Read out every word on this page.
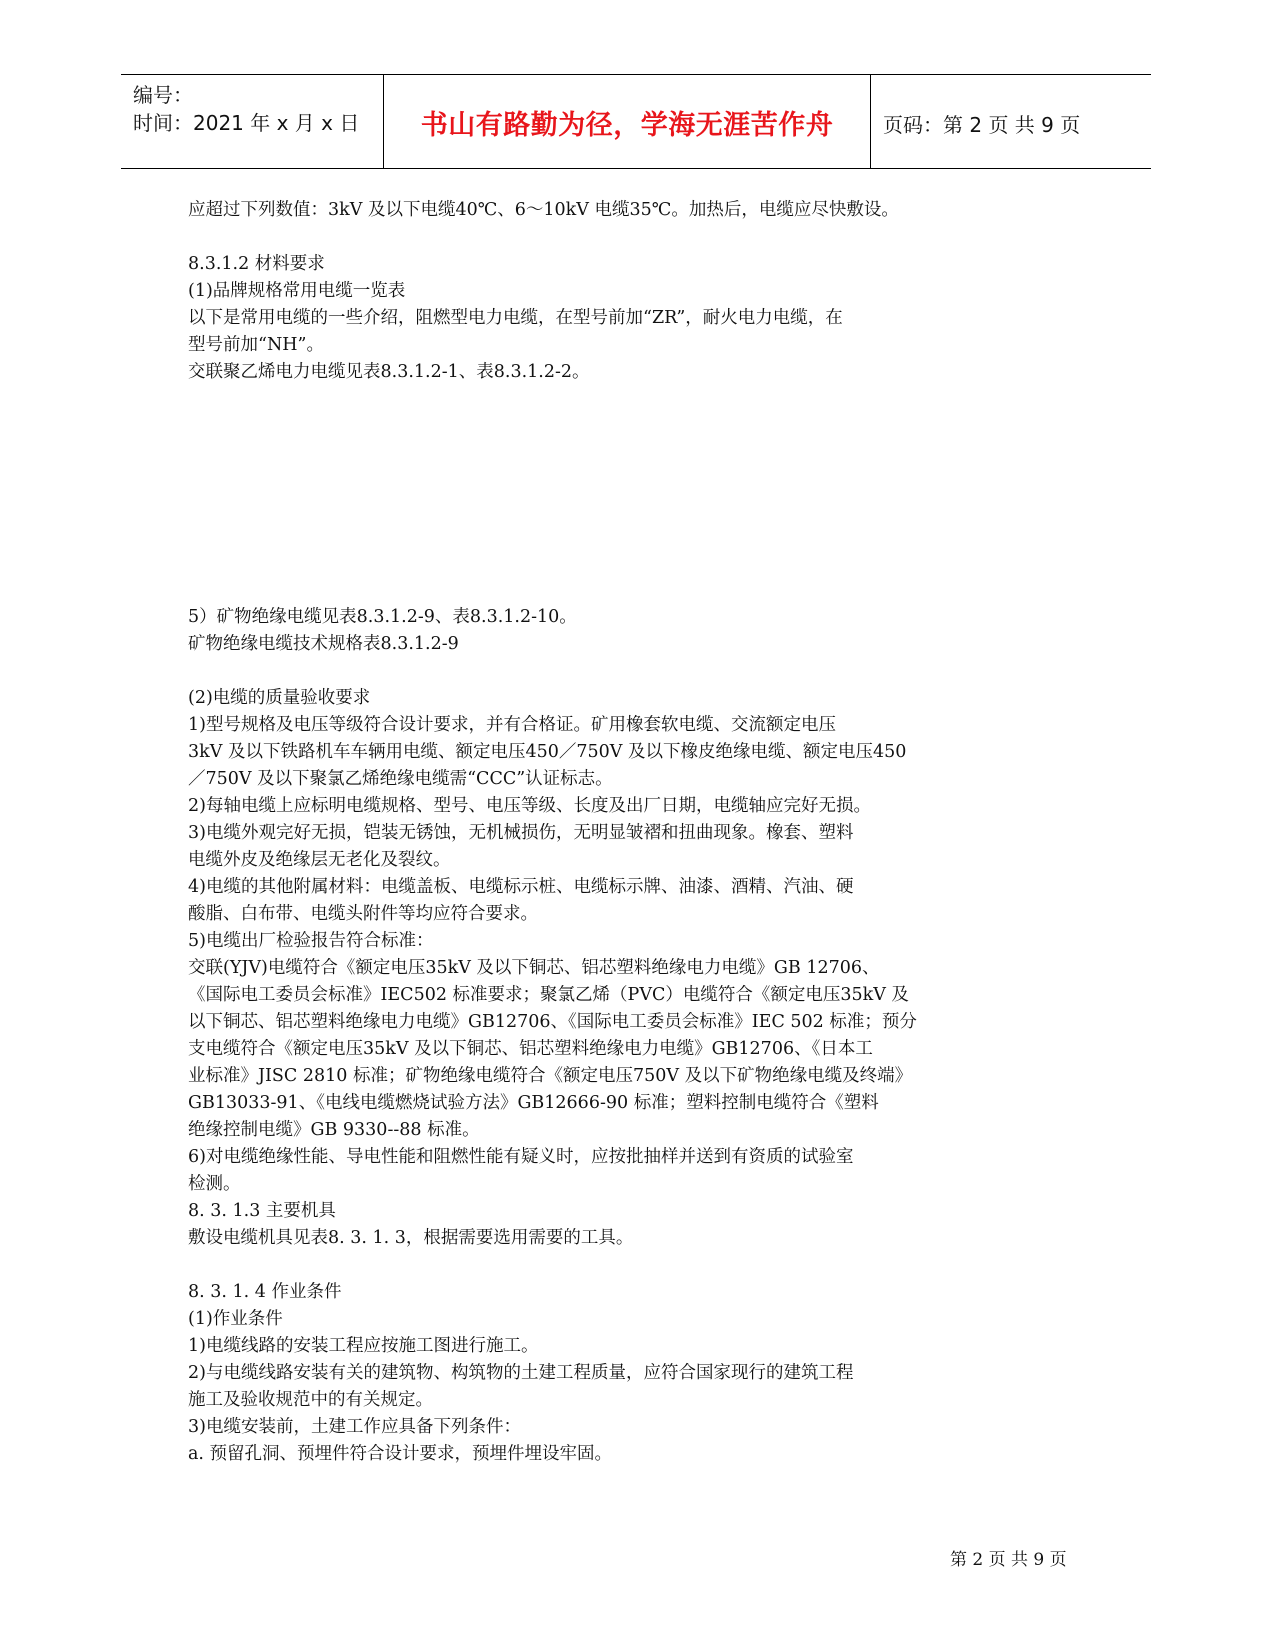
编号：
时间：2021 年 x 月 x 日	书山有路勤为径，学海无涯苦作舟	页码：第 2 页 共 9 页
应超过下列数值：3kV 及以下电缆40℃、6～10kV 电缆35℃。加热后，电缆应尽快敷设。
8.3.1.2 材料要求
(1)品牌规格常用电缆一览表
以下是常用电缆的一些介绍，阻燃型电力电缆，在型号前加“ZR”，耐火电力电缆，在
型号前加“NH”。
交联聚乙烯电力电缆见表8.3.1.2-1、表8.3.1.2-2。
5）矿物绝缘电缆见表8.3.1.2-9、表8.3.1.2-10。
矿物绝缘电缆技术规格表8.3.1.2-9
(2)电缆的质量验收要求
1)型号规格及电压等级符合设计要求，并有合格证。矿用橡套软电缆、交流额定电压
3kV 及以下铁路机车车辆用电缆、额定电压450／750V 及以下橡皮绝缘电缆、额定电压450
／750V 及以下聚氯乙烯绝缘电缆需“CCC”认证标志。
2)每轴电缆上应标明电缆规格、型号、电压等级、长度及出厂日期，电缆轴应完好无损。
3)电缆外观完好无损，铠装无锈蚀，无机械损伤，无明显皱褶和扭曲现象。橡套、塑料
电缆外皮及绝缘层无老化及裂纹。
4)电缆的其他附属材料：电缆盖板、电缆标示桩、电缆标示牌、油漆、酒精、汽油、硬
酸脂、白布带、电缆头附件等均应符合要求。
5)电缆出厂检验报告符合标准：
交联(YJV)电缆符合《额定电压35kV 及以下铜芯、铝芯塑料绝缘电力电缆》GB 12706、
《国际电工委员会标准》IEC502 标准要求；聚氯乙烯（PVC）电缆符合《额定电压35kV 及
以下铜芯、铝芯塑料绝缘电力电缆》GB12706、《国际电工委员会标准》IEC 502 标准；预分
支电缆符合《额定电压35kV 及以下铜芯、铝芯塑料绝缘电力电缆》GB12706、《日本工
业标准》JISC 2810 标准；矿物绝缘电缆符合《额定电压750V 及以下矿物绝缘电缆及终端》
GB13033-91、《电线电缆燃烧试验方法》GB12666-90 标准；塑料控制电缆符合《塑料
绝缘控制电缆》GB 9330--88 标准。
6)对电缆绝缘性能、导电性能和阻燃性能有疑义时，应按批抽样并送到有资质的试验室
检测。
8. 3. 1.3 主要机具
敷设电缆机具见表8. 3. 1. 3，根据需要选用需要的工具。
8. 3. 1. 4 作业条件
(1)作业条件
1)电缆线路的安装工程应按施工图进行施工。
2)与电缆线路安装有关的建筑物、构筑物的土建工程质量，应符合国家现行的建筑工程
施工及验收规范中的有关规定。
3)电缆安装前，土建工作应具备下列条件：
a. 预留孔洞、预埋件符合设计要求，预埋件埋设牢固。
第 2 页 共 9 页
